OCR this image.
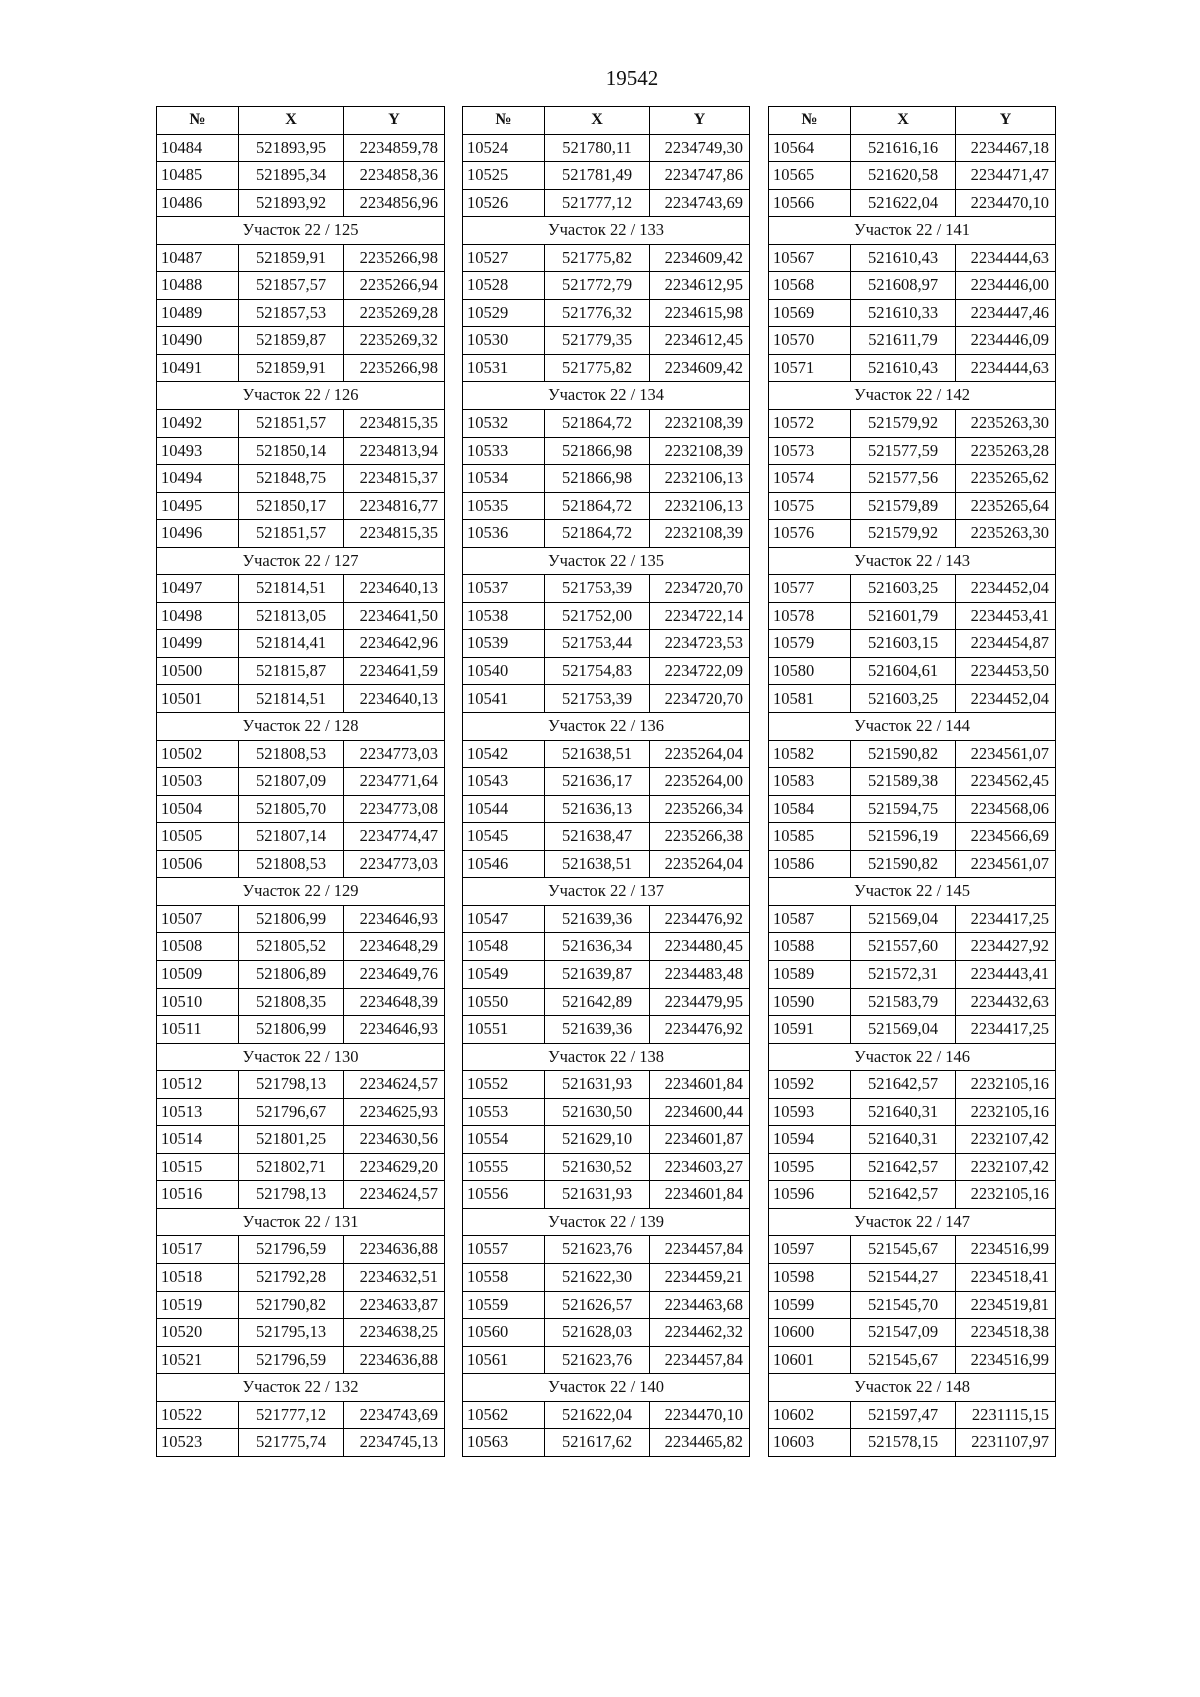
19542
№	X	Y
10484	521893,95	2234859,78
10485	521895,34	2234858,36
10486	521893,92	2234856,96
Участок 22 / 125		
10487	521859,91	2235266,98
10488	521857,57	2235266,94
10489	521857,53	2235269,28
10490	521859,87	2235269,32
10491	521859,91	2235266,98
Участок 22 / 126		
10492	521851,57	2234815,35
10493	521850,14	2234813,94
10494	521848,75	2234815,37
10495	521850,17	2234816,77
10496	521851,57	2234815,35
Участок 22 / 127		
10497	521814,51	2234640,13
10498	521813,05	2234641,50
10499	521814,41	2234642,96
10500	521815,87	2234641,59
10501	521814,51	2234640,13
Участок 22 / 128		
10502	521808,53	2234773,03
10503	521807,09	2234771,64
10504	521805,70	2234773,08
10505	521807,14	2234774,47
10506	521808,53	2234773,03
Участок 22 / 129		
10507	521806,99	2234646,93
10508	521805,52	2234648,29
10509	521806,89	2234649,76
10510	521808,35	2234648,39
10511	521806,99	2234646,93
Участок 22 / 130		
10512	521798,13	2234624,57
10513	521796,67	2234625,93
10514	521801,25	2234630,56
10515	521802,71	2234629,20
10516	521798,13	2234624,57
Участок 22 / 131		
10517	521796,59	2234636,88
10518	521792,28	2234632,51
10519	521790,82	2234633,87
10520	521795,13	2234638,25
10521	521796,59	2234636,88
Участок 22 / 132		
10522	521777,12	2234743,69
10523	521775,74	2234745,13
№	X	Y
10524	521780,11	2234749,30
10525	521781,49	2234747,86
10526	521777,12	2234743,69
Участок 22 / 133		
10527	521775,82	2234609,42
10528	521772,79	2234612,95
10529	521776,32	2234615,98
10530	521779,35	2234612,45
10531	521775,82	2234609,42
Участок 22 / 134		
10532	521864,72	2232108,39
10533	521866,98	2232108,39
10534	521866,98	2232106,13
10535	521864,72	2232106,13
10536	521864,72	2232108,39
Участок 22 / 135		
10537	521753,39	2234720,70
10538	521752,00	2234722,14
10539	521753,44	2234723,53
10540	521754,83	2234722,09
10541	521753,39	2234720,70
Участок 22 / 136		
10542	521638,51	2235264,04
10543	521636,17	2235264,00
10544	521636,13	2235266,34
10545	521638,47	2235266,38
10546	521638,51	2235264,04
Участок 22 / 137		
10547	521639,36	2234476,92
10548	521636,34	2234480,45
10549	521639,87	2234483,48
10550	521642,89	2234479,95
10551	521639,36	2234476,92
Участок 22 / 138		
10552	521631,93	2234601,84
10553	521630,50	2234600,44
10554	521629,10	2234601,87
10555	521630,52	2234603,27
10556	521631,93	2234601,84
Участок 22 / 139		
10557	521623,76	2234457,84
10558	521622,30	2234459,21
10559	521626,57	2234463,68
10560	521628,03	2234462,32
10561	521623,76	2234457,84
Участок 22 / 140		
10562	521622,04	2234470,10
10563	521617,62	2234465,82
№	X	Y
10564	521616,16	2234467,18
10565	521620,58	2234471,47
10566	521622,04	2234470,10
Участок 22 / 141		
10567	521610,43	2234444,63
10568	521608,97	2234446,00
10569	521610,33	2234447,46
10570	521611,79	2234446,09
10571	521610,43	2234444,63
Участок 22 / 142		
10572	521579,92	2235263,30
10573	521577,59	2235263,28
10574	521577,56	2235265,62
10575	521579,89	2235265,64
10576	521579,92	2235263,30
Участок 22 / 143		
10577	521603,25	2234452,04
10578	521601,79	2234453,41
10579	521603,15	2234454,87
10580	521604,61	2234453,50
10581	521603,25	2234452,04
Участок 22 / 144		
10582	521590,82	2234561,07
10583	521589,38	2234562,45
10584	521594,75	2234568,06
10585	521596,19	2234566,69
10586	521590,82	2234561,07
Участок 22 / 145		
10587	521569,04	2234417,25
10588	521557,60	2234427,92
10589	521572,31	2234443,41
10590	521583,79	2234432,63
10591	521569,04	2234417,25
Участок 22 / 146		
10592	521642,57	2232105,16
10593	521640,31	2232105,16
10594	521640,31	2232107,42
10595	521642,57	2232107,42
10596	521642,57	2232105,16
Участок 22 / 147		
10597	521545,67	2234516,99
10598	521544,27	2234518,41
10599	521545,70	2234519,81
10600	521547,09	2234518,38
10601	521545,67	2234516,99
Участок 22 / 148		
10602	521597,47	2231115,15
10603	521578,15	2231107,97
